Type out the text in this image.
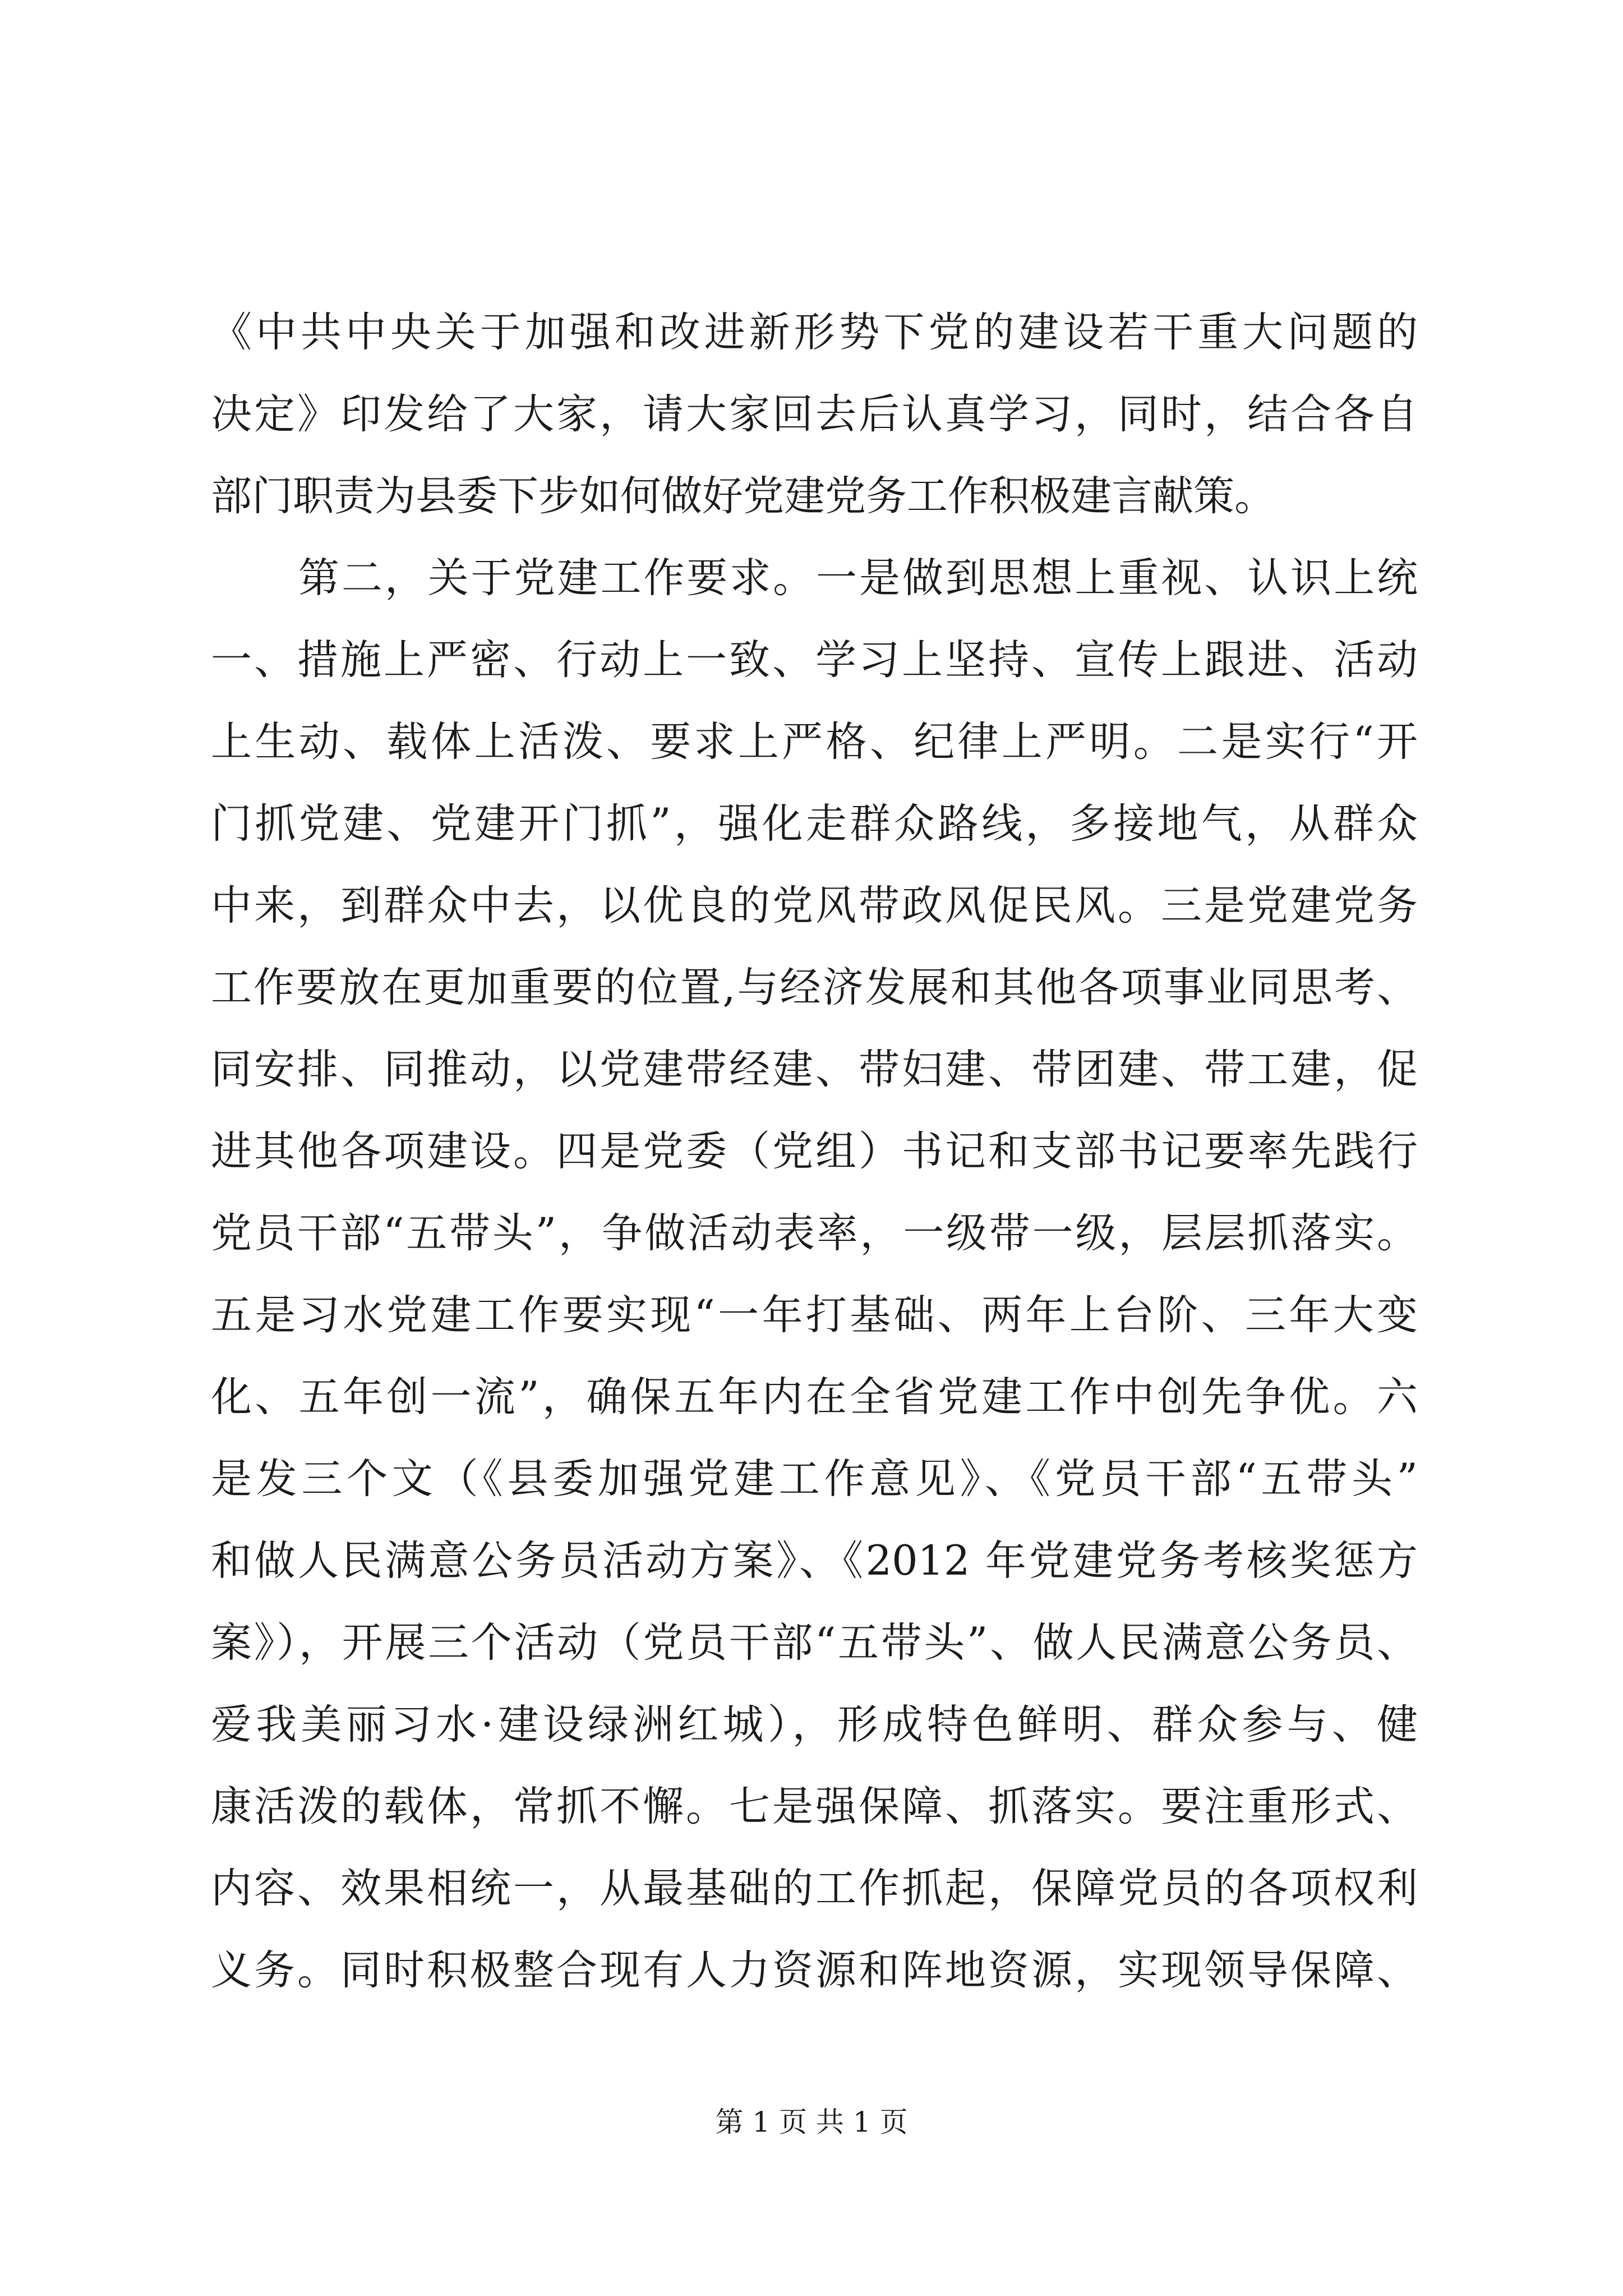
《中共中央关于加强和改进新形势下党的建设若干重大问题的
决定》印发给了大家，请大家回去后认真学习，同时，结合各自
部门职责为县委下步如何做好党建党务工作积极建言献策。
第二，关于党建工作要求。一是做到思想上重视、认识上统
一、措施上严密、行动上一致、学习上坚持、宣传上跟进、活动
上生动、载体上活泼、要求上严格、纪律上严明。二是实行“开
门抓党建、党建开门抓”，强化走群众路线，多接地气，从群众
中来，到群众中去，以优良的党风带政风促民风。三是党建党务
工作要放在更加重要的位置,与经济发展和其他各项事业同思考、
同安排、同推动，以党建带经建、带妇建、带团建、带工建，促
进其他各项建设。四是党委（党组）书记和支部书记要率先践行
党员干部“五带头”，争做活动表率，一级带一级，层层抓落实。
五是习水党建工作要实现“一年打基础、两年上台阶、三年大变
化、五年创一流”，确保五年内在全省党建工作中创先争优。六
是发三个文（《县委加强党建工作意见》、《党员干部“五带头”
和做人民满意公务员活动方案》、《2012 年党建党务考核奖惩方
案》），开展三个活动（党员干部“五带头”、做人民满意公务员、
爱我美丽习水·建设绿洲红城），形成特色鲜明、群众参与、健
康活泼的载体，常抓不懈。七是强保障、抓落实。要注重形式、
内容、效果相统一，从最基础的工作抓起，保障党员的各项权利
义务。同时积极整合现有人力资源和阵地资源，实现领导保障、
第 1 页 共 1 页
